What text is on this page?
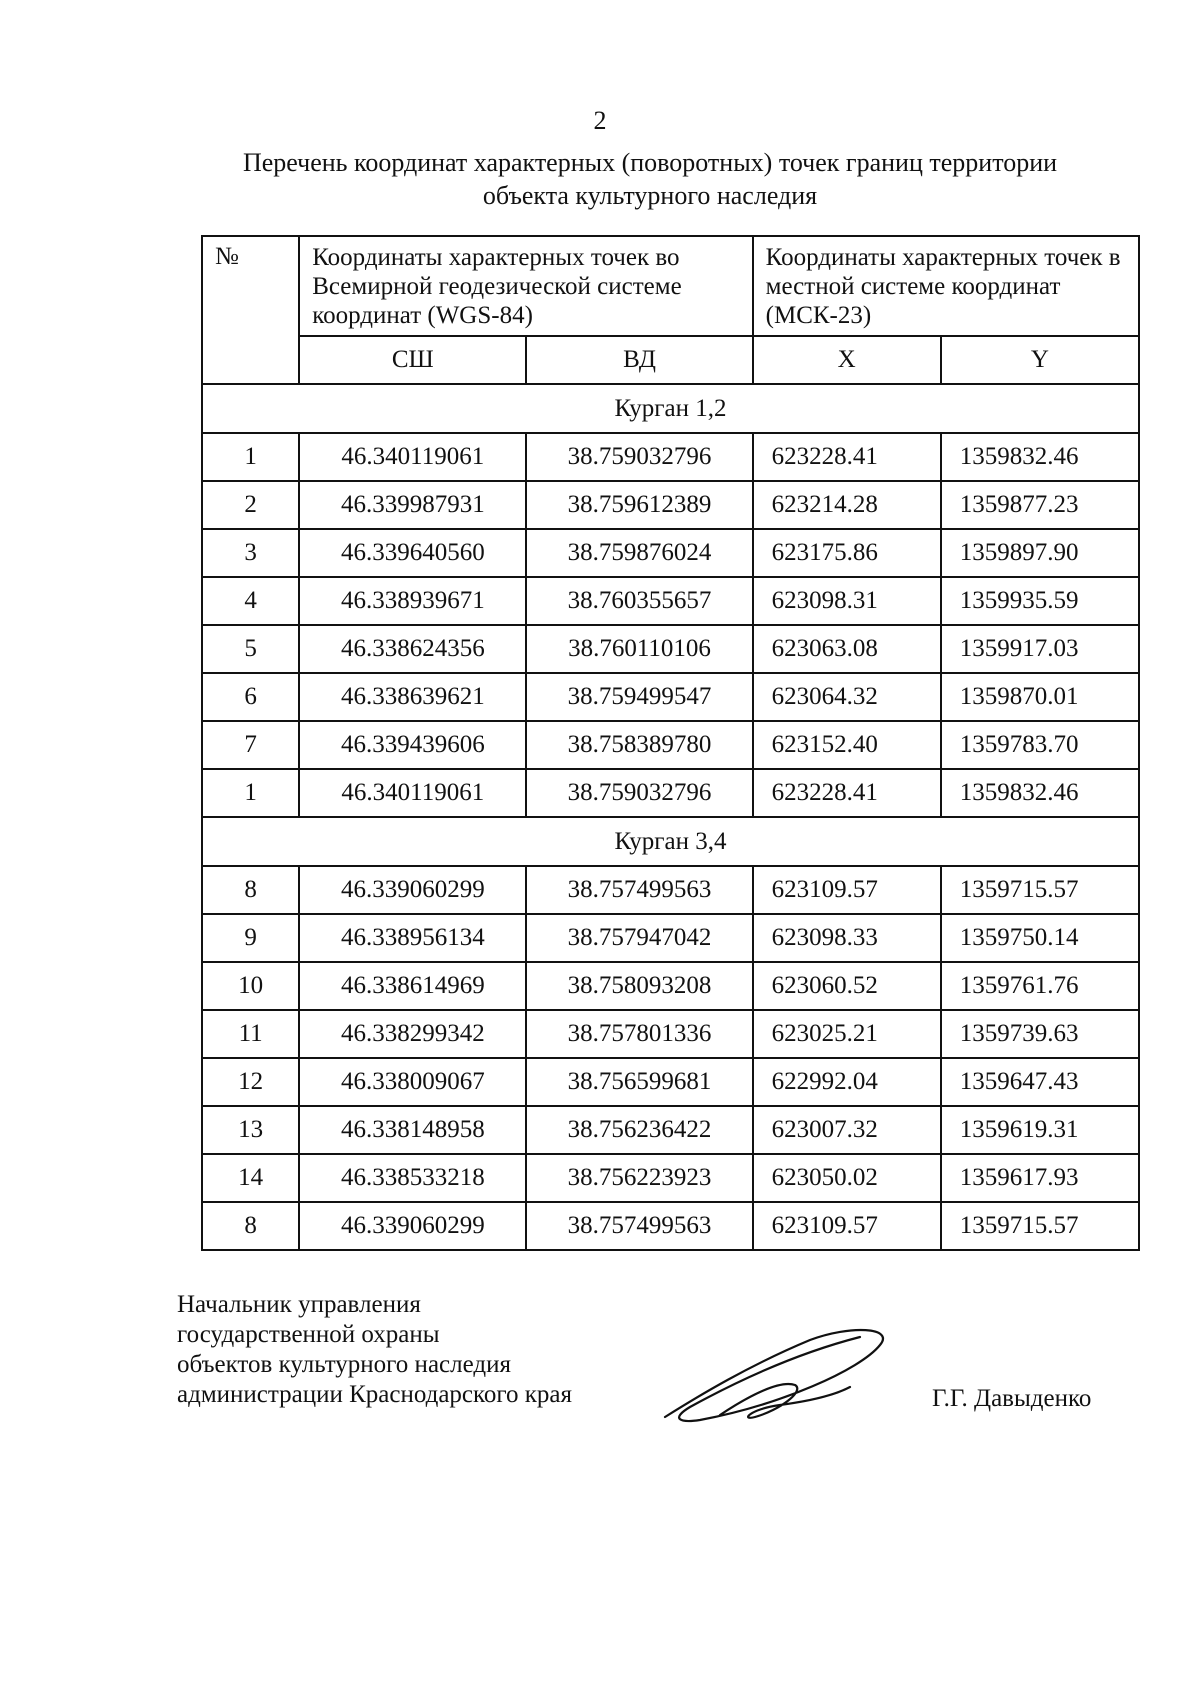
2
Перечень координат характерных (поворотных) точек границ территории
объекта культурного наследия
№	Координаты характерных точек во Всемирной геодезической системе координат (WGS-84)		Координаты характерных точек в местной системе координат (МСК-23)	
	СШ	ВД	X	Y
Курган 1,2				
1	46.340119061	38.759032796	623228.41	1359832.46
2	46.339987931	38.759612389	623214.28	1359877.23
3	46.339640560	38.759876024	623175.86	1359897.90
4	46.338939671	38.760355657	623098.31	1359935.59
5	46.338624356	38.760110106	623063.08	1359917.03
6	46.338639621	38.759499547	623064.32	1359870.01
7	46.339439606	38.758389780	623152.40	1359783.70
1	46.340119061	38.759032796	623228.41	1359832.46
Курган 3,4				
8	46.339060299	38.757499563	623109.57	1359715.57
9	46.338956134	38.757947042	623098.33	1359750.14
10	46.338614969	38.758093208	623060.52	1359761.76
11	46.338299342	38.757801336	623025.21	1359739.63
12	46.338009067	38.756599681	622992.04	1359647.43
13	46.338148958	38.756236422	623007.32	1359619.31
14	46.338533218	38.756223923	623050.02	1359617.93
8	46.339060299	38.757499563	623109.57	1359715.57
Начальник управления
государственной охраны
объектов культурного наследия
администрации Краснодарского края	Г.Г. Давыденко
